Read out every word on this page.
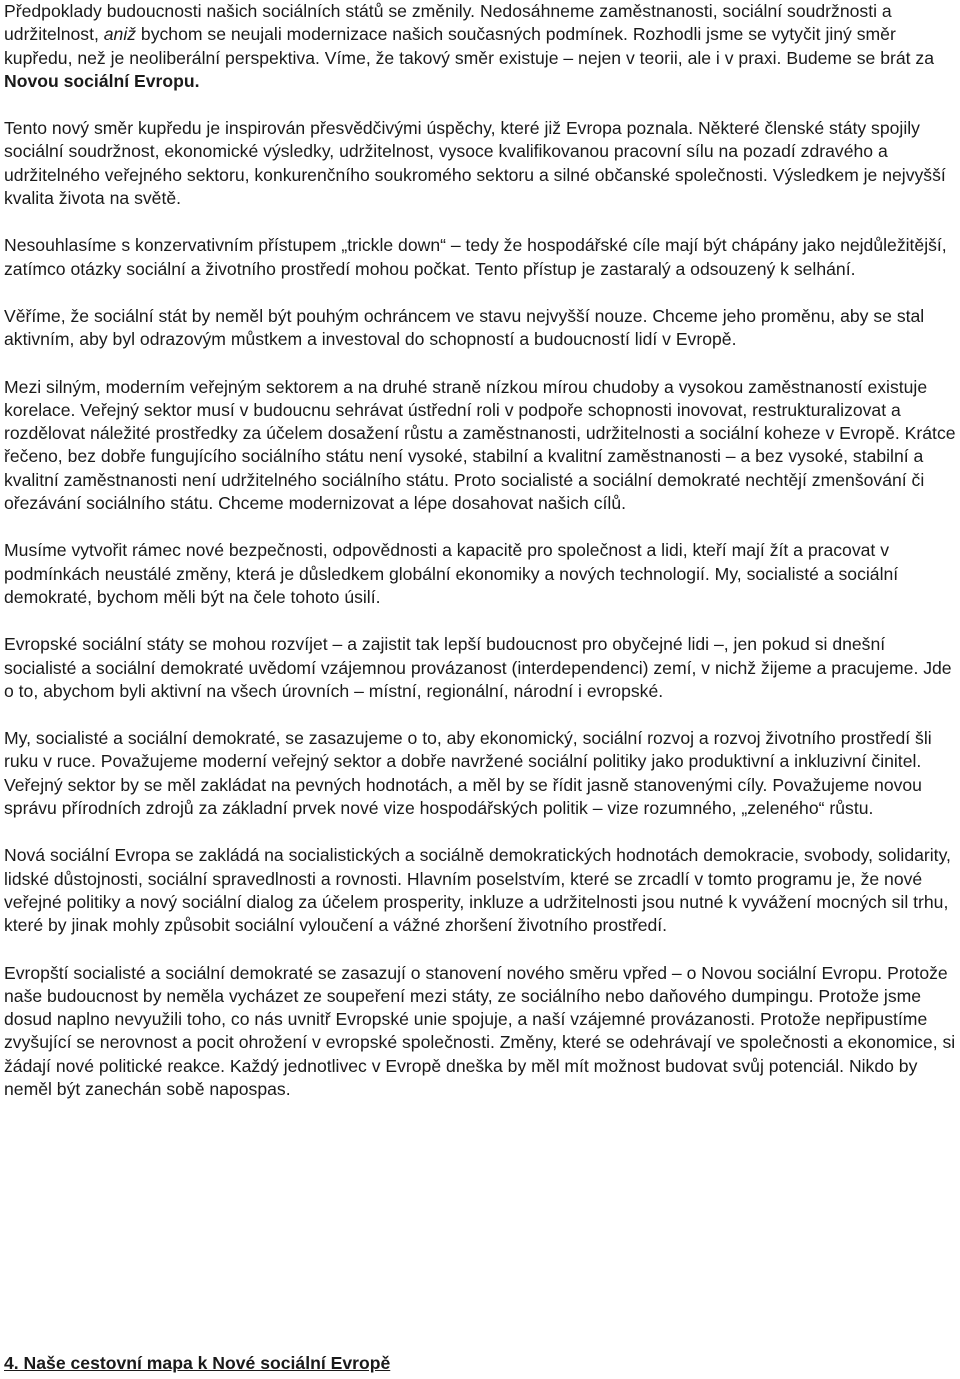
Předpoklady budoucnosti našich sociálních států se změnily. Nedosáhneme zaměstnanosti, sociální soudržnosti a udržitelnost, aniž bychom se neujali modernizace našich současných podmínek. Rozhodli jsme se vytyčit jiný směr kupředu, než je neoliberální perspektiva. Víme, že takový směr existuje – nejen v teorii, ale i v praxi. Budeme se brát za Novou sociální Evropu.

Tento nový směr kupředu je inspirován přesvědčivými úspěchy, které již Evropa poznala. Některé členské státy spojily sociální soudržnost, ekonomické výsledky, udržitelnost, vysoce kvalifikovanou pracovní sílu na pozadí zdravého a udržitelného veřejného sektoru, konkurenčního soukromého sektoru a silné občanské společnosti. Výsledkem je nejvyšší kvalita života na světě.

Nesouhlasíme s konzervativním přístupem „trickle down“ – tedy že hospodářské cíle mají být chápány jako nejdůležitější, zatímco otázky sociální a životního prostředí mohou počkat. Tento přístup je zastaralý a odsouzený k selhání.

Věříme, že sociální stát by neměl být pouhým ochráncem ve stavu nejvyšší nouze. Chceme jeho proměnu, aby se stal aktivním, aby byl odrazovým můstkem a investoval do schopností a budoucností lidí v Evropě.

Mezi silným, moderním veřejným sektorem a na druhé straně nízkou mírou chudoby a vysokou zaměstnaností existuje korelace. Veřejný sektor musí v budoucnu sehrávat ústřední roli v podpoře schopnosti inovovat, restrukturalizovat a rozdělovat náležité prostředky za účelem dosažení růstu a zaměstnanosti, udržitelnosti a sociální koheze v Evropě. Krátce řečeno, bez dobře fungujícího sociálního státu není vysoké, stabilní a kvalitní zaměstnanosti – a bez vysoké, stabilní a kvalitní zaměstnanosti není udržitelného sociálního státu. Proto socialisté a sociální demokraté nechtějí zmenšování či ořezávání sociálního státu. Chceme modernizovat a lépe dosahovat našich cílů.

Musíme vytvořit rámec nové bezpečnosti, odpovědnosti a kapacitě pro společnost a lidi, kteří mají žít a pracovat v podmínkách neustálé změny, která je důsledkem globální ekonomiky a nových technologií. My, socialisté a sociální demokraté, bychom měli být na čele tohoto úsilí.

Evropské sociální státy se mohou rozvíjet – a zajistit tak lepší budoucnost pro obyčejné lidi –, jen pokud si dnešní socialisté a sociální demokraté uvědomí vzájemnou provázanost (interdependenci) zemí, v nichž žijeme a pracujeme. Jde o to, abychom byli aktivní na všech úrovních – místní, regionální, národní i evropské.

My, socialisté a sociální demokraté, se zasazujeme o to, aby ekonomický, sociální rozvoj a rozvoj životního prostředí šli ruku v ruce. Považujeme moderní veřejný sektor a dobře navržené sociální politiky jako produktivní a inkluzivní činitel. Veřejný sektor by se měl zakládat na pevných hodnotách, a měl by se řídit jasně stanovenými cíly. Považujeme novou správu přírodních zdrojů za základní prvek nové vize hospodářských politik – vize rozumného, „zeleného“ růstu.

Nová sociální Evropa se zakládá na socialistických a sociálně demokratických hodnotách demokracie, svobody, solidarity, lidské důstojnosti, sociální spravedlnosti a rovnosti. Hlavním poselstvím, které se zrcadlí v tomto programu je, že nové veřejné politiky a nový sociální dialog za účelem prosperity, inkluze a udržitelnosti jsou nutné k vyvážení mocných sil trhu, které by jinak mohly způsobit sociální vyloučení a vážné zhoršení životního prostředí.

Evropští socialisté a sociální demokraté se zasazují o stanovení nového směru vpřed – o Novou sociální Evropu. Protože naše budoucnost by neměla vycházet ze soupeření mezi státy, ze sociálního nebo daňového dumpingu. Protože jsme dosud naplno nevyužili toho, co nás uvnitř Evropské unie spojuje, a naší vzájemné provázanosti. Protože nepřipustíme zvyšující se nerovnost a pocit ohrožení v evropské společnosti. Změny, které se odehrávají ve společnosti a ekonomice, si žádají nové politické reakce. Každý jednotlivec v Evropě dneška by měl mít možnost budovat svůj potenciál. Nikdo by neměl být zanechán sobě napospas.

4. Naše cestovní mapa k Nové sociální Evropě
